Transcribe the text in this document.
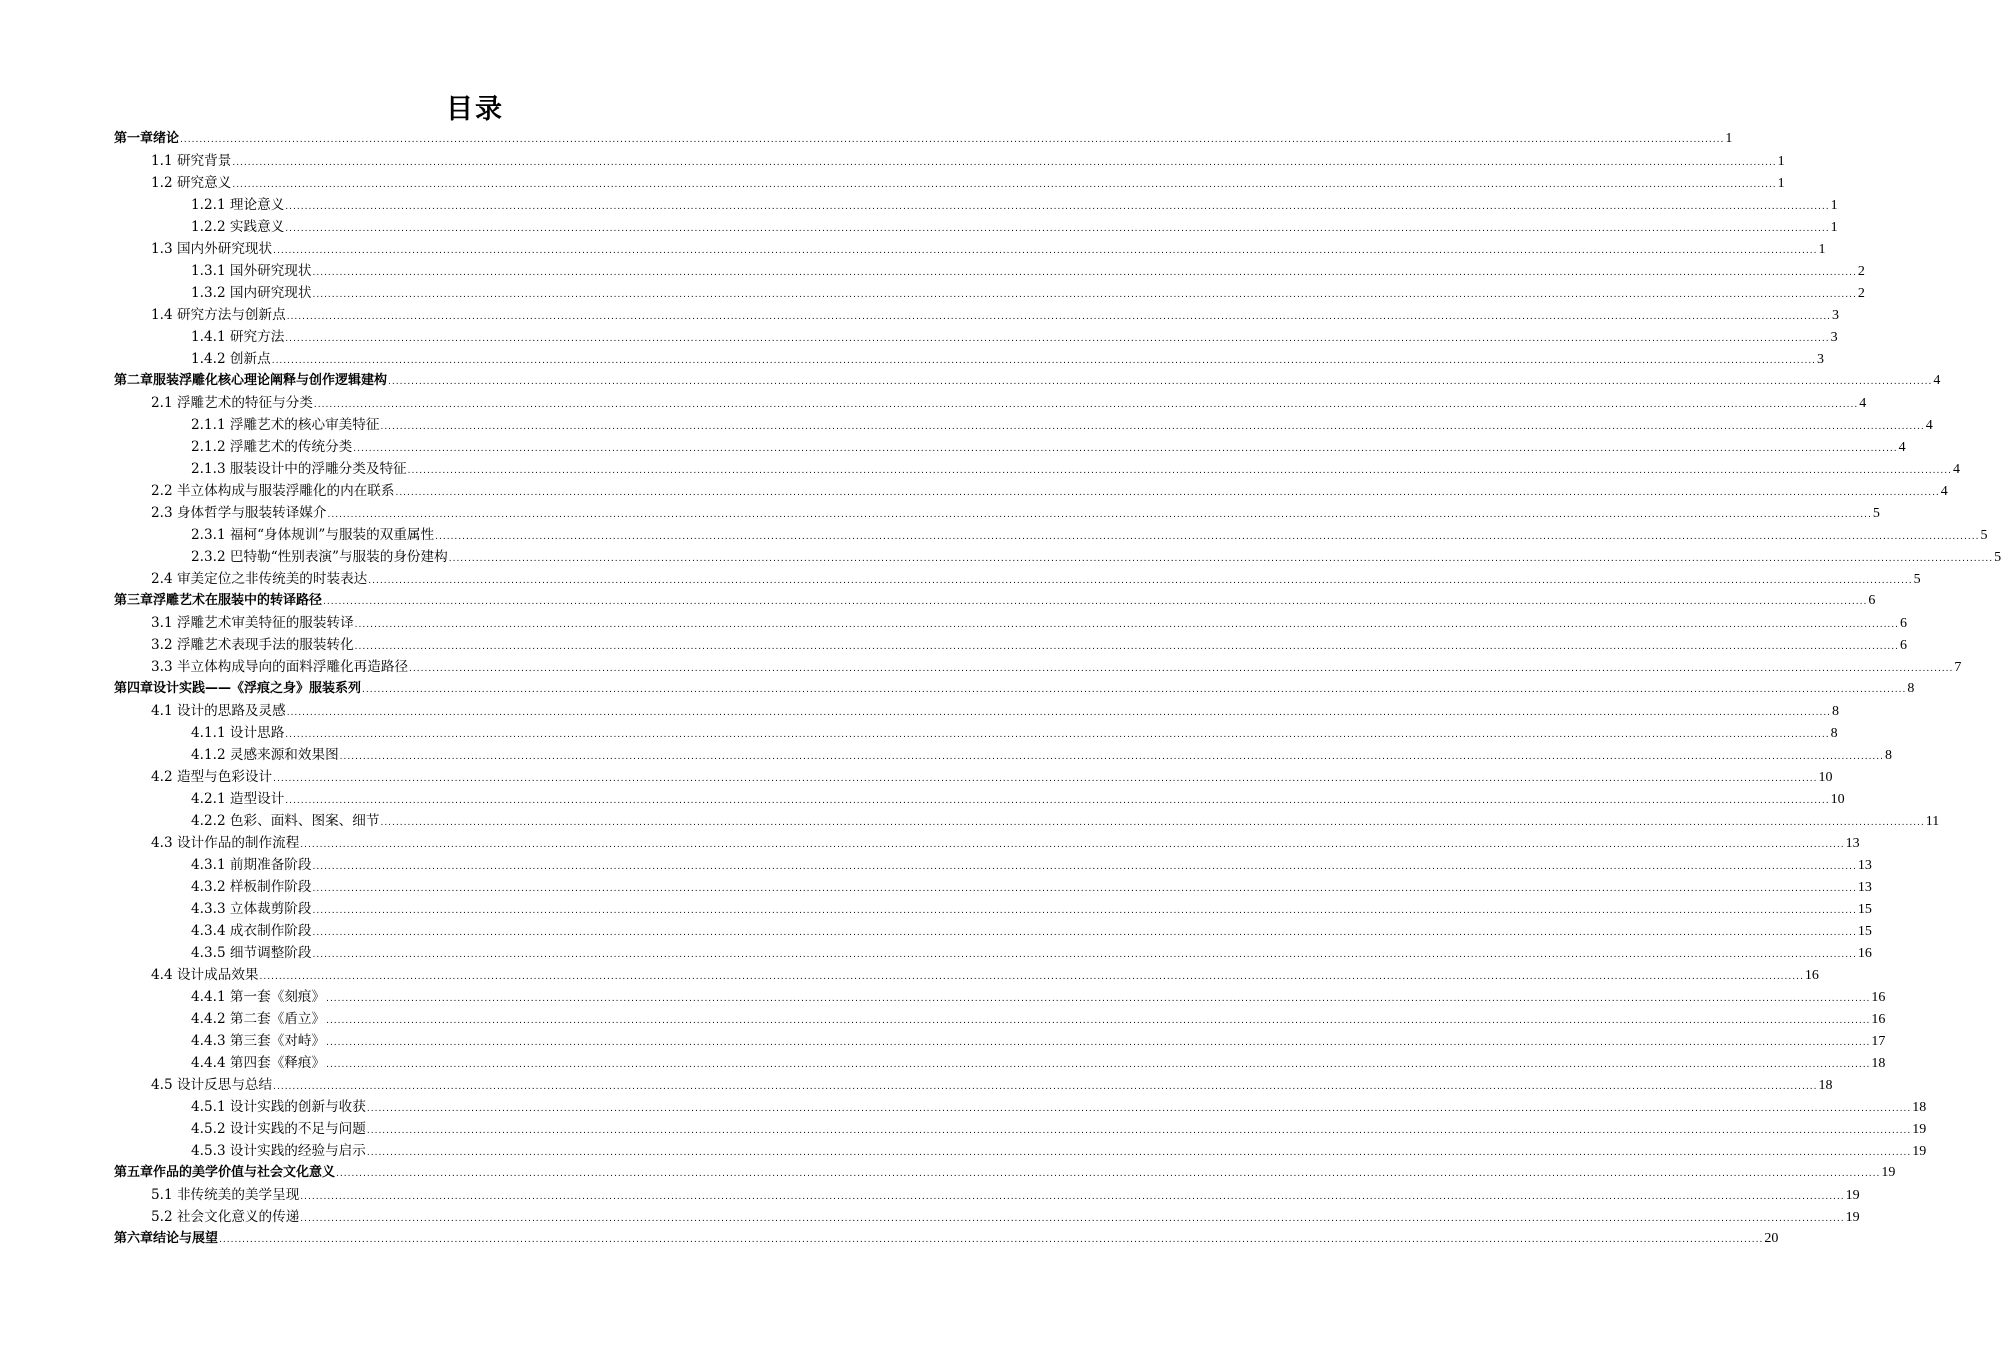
目录
第一章绪论 ................................................................................................................................................................................................................................................................................................................................................................................................................ 1
1.1 研究背景 ................................................................................................................................................................................................................................................................................................................................................................................................................ 1
1.2 研究意义 ................................................................................................................................................................................................................................................................................................................................................................................................................ 1
1.2.1 理论意义 ................................................................................................................................................................................................................................................................................................................................................................................................................ 1
1.2.2 实践意义 ................................................................................................................................................................................................................................................................................................................................................................................................................ 1
1.3 国内外研究现状 ................................................................................................................................................................................................................................................................................................................................................................................................................ 1
1.3.1 国外研究现状 ................................................................................................................................................................................................................................................................................................................................................................................................................ 2
1.3.2 国内研究现状 ................................................................................................................................................................................................................................................................................................................................................................................................................ 2
1.4 研究方法与创新点 ................................................................................................................................................................................................................................................................................................................................................................................................................ 3
1.4.1 研究方法 ................................................................................................................................................................................................................................................................................................................................................................................................................ 3
1.4.2 创新点 ................................................................................................................................................................................................................................................................................................................................................................................................................ 3
第二章服装浮雕化核心理论阐释与创作逻辑建构 ................................................................................................................................................................................................................................................................................................................................................................................................................ 4
2.1 浮雕艺术的特征与分类 ................................................................................................................................................................................................................................................................................................................................................................................................................ 4
2.1.1 浮雕艺术的核心审美特征 ................................................................................................................................................................................................................................................................................................................................................................................................................ 4
2.1.2 浮雕艺术的传统分类 ................................................................................................................................................................................................................................................................................................................................................................................................................ 4
2.1.3 服装设计中的浮雕分类及特征 ................................................................................................................................................................................................................................................................................................................................................................................................................ 4
2.2 半立体构成与服装浮雕化的内在联系 ................................................................................................................................................................................................................................................................................................................................................................................................................ 4
2.3 身体哲学与服装转译媒介 ................................................................................................................................................................................................................................................................................................................................................................................................................ 5
2.3.1 福柯“身体规训”与服装的双重属性 ................................................................................................................................................................................................................................................................................................................................................................................................................ 5
2.3.2 巴特勒“性别表演”与服装的身份建构 ................................................................................................................................................................................................................................................................................................................................................................................................................ 5
2.4 审美定位之非传统美的时装表达 ................................................................................................................................................................................................................................................................................................................................................................................................................ 5
第三章浮雕艺术在服装中的转译路径 ................................................................................................................................................................................................................................................................................................................................................................................................................ 6
3.1 浮雕艺术审美特征的服装转译 ................................................................................................................................................................................................................................................................................................................................................................................................................ 6
3.2 浮雕艺术表现手法的服装转化 ................................................................................................................................................................................................................................................................................................................................................................................................................ 6
3.3 半立体构成导向的面料浮雕化再造路径 ................................................................................................................................................................................................................................................................................................................................................................................................................ 7
第四章设计实践——《浮痕之身》服装系列 ................................................................................................................................................................................................................................................................................................................................................................................................................ 8
4.1 设计的思路及灵感 ................................................................................................................................................................................................................................................................................................................................................................................................................ 8
4.1.1 设计思路 ................................................................................................................................................................................................................................................................................................................................................................................................................ 8
4.1.2 灵感来源和效果图 ................................................................................................................................................................................................................................................................................................................................................................................................................ 8
4.2 造型与色彩设计 ................................................................................................................................................................................................................................................................................................................................................................................................................ 10
4.2.1 造型设计 ................................................................................................................................................................................................................................................................................................................................................................................................................ 10
4.2.2 色彩、面料、图案、细节 ................................................................................................................................................................................................................................................................................................................................................................................................................ 11
4.3 设计作品的制作流程 ................................................................................................................................................................................................................................................................................................................................................................................................................ 13
4.3.1 前期准备阶段 ................................................................................................................................................................................................................................................................................................................................................................................................................ 13
4.3.2 样板制作阶段 ................................................................................................................................................................................................................................................................................................................................................................................................................ 13
4.3.3 立体裁剪阶段 ................................................................................................................................................................................................................................................................................................................................................................................................................ 15
4.3.4 成衣制作阶段 ................................................................................................................................................................................................................................................................................................................................................................................................................ 15
4.3.5 细节调整阶段 ................................................................................................................................................................................................................................................................................................................................................................................................................ 16
4.4 设计成品效果 ................................................................................................................................................................................................................................................................................................................................................................................................................ 16
4.4.1 第一套《刻痕》 ................................................................................................................................................................................................................................................................................................................................................................................................................ 16
4.4.2 第二套《盾立》 ................................................................................................................................................................................................................................................................................................................................................................................................................ 16
4.4.3 第三套《对峙》 ................................................................................................................................................................................................................................................................................................................................................................................................................ 17
4.4.4 第四套《释痕》 ................................................................................................................................................................................................................................................................................................................................................................................................................ 18
4.5 设计反思与总结 ................................................................................................................................................................................................................................................................................................................................................................................................................ 18
4.5.1 设计实践的创新与收获 ................................................................................................................................................................................................................................................................................................................................................................................................................ 18
4.5.2 设计实践的不足与问题 ................................................................................................................................................................................................................................................................................................................................................................................................................ 19
4.5.3 设计实践的经验与启示 ................................................................................................................................................................................................................................................................................................................................................................................................................ 19
第五章作品的美学价值与社会文化意义 ................................................................................................................................................................................................................................................................................................................................................................................................................ 19
5.1 非传统美的美学呈现 ................................................................................................................................................................................................................................................................................................................................................................................................................ 19
5.2 社会文化意义的传递 ................................................................................................................................................................................................................................................................................................................................................................................................................ 19
第六章结论与展望 ................................................................................................................................................................................................................................................................................................................................................................................................................ 20
